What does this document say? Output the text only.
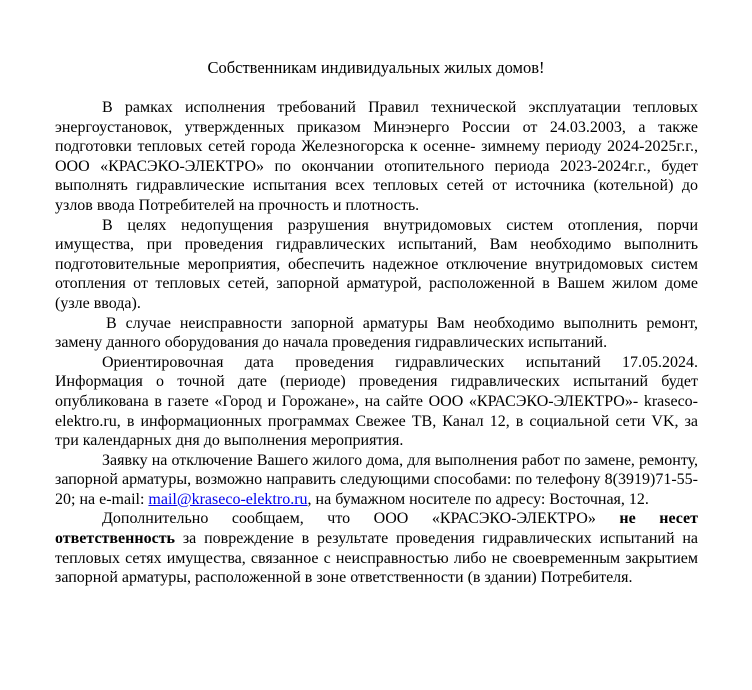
Собственникам индивидуальных жилых домов!

В рамках исполнения требований Правил технической эксплуатации тепловых энергоустановок, утвержденных приказом Минэнерго России от 24.03.2003, а также подготовки тепловых сетей города Железногорска к осенне- зимнему периоду 2024-2025г.г., ООО «КРАСЭКО-ЭЛЕКТРО» по окончании отопительного периода 2023-2024г.г., будет выполнять гидравлические испытания всех тепловых сетей от источника (котельной) до узлов ввода Потребителей на прочность и плотность.

В целях недопущения разрушения внутридомовых систем отопления, порчи имущества, при проведения гидравлических испытаний, Вам необходимо выполнить подготовительные мероприятия, обеспечить надежное отключение внутридомовых систем отопления от тепловых сетей, запорной арматурой, расположенной в Вашем жилом доме (узле ввода).

В случае неисправности запорной арматуры Вам необходимо выполнить ремонт, замену данного оборудования до начала проведения гидравлических испытаний.

Ориентировочная дата проведения гидравлических испытаний 17.05.2024. Информация о точной дате (периоде) проведения гидравлических испытаний будет опубликована в газете «Город и Горожане», на сайте ООО «КРАСЭКО-ЭЛЕКТРО»- kraseco-elektro.ru, в информационных программах Свежее ТВ, Канал 12, в социальной сети VK, за три календарных дня до выполнения мероприятия.

Заявку на отключение Вашего жилого дома, для выполнения работ по замене, ремонту, запорной арматуры, возможно направить следующими способами: по телефону 8(3919)71-55-20; на e-mail: mail@kraseco-elektro.ru, на бумажном носителе по адресу: Восточная, 12.

Дополнительно сообщаем, что ООО «КРАСЭКО-ЭЛЕКТРО» не несет ответственность за повреждение в результате проведения гидравлических испытаний на тепловых сетях имущества, связанное с неисправностью либо не своевременным закрытием запорной арматуры, расположенной в зоне ответственности (в здании) Потребителя.
